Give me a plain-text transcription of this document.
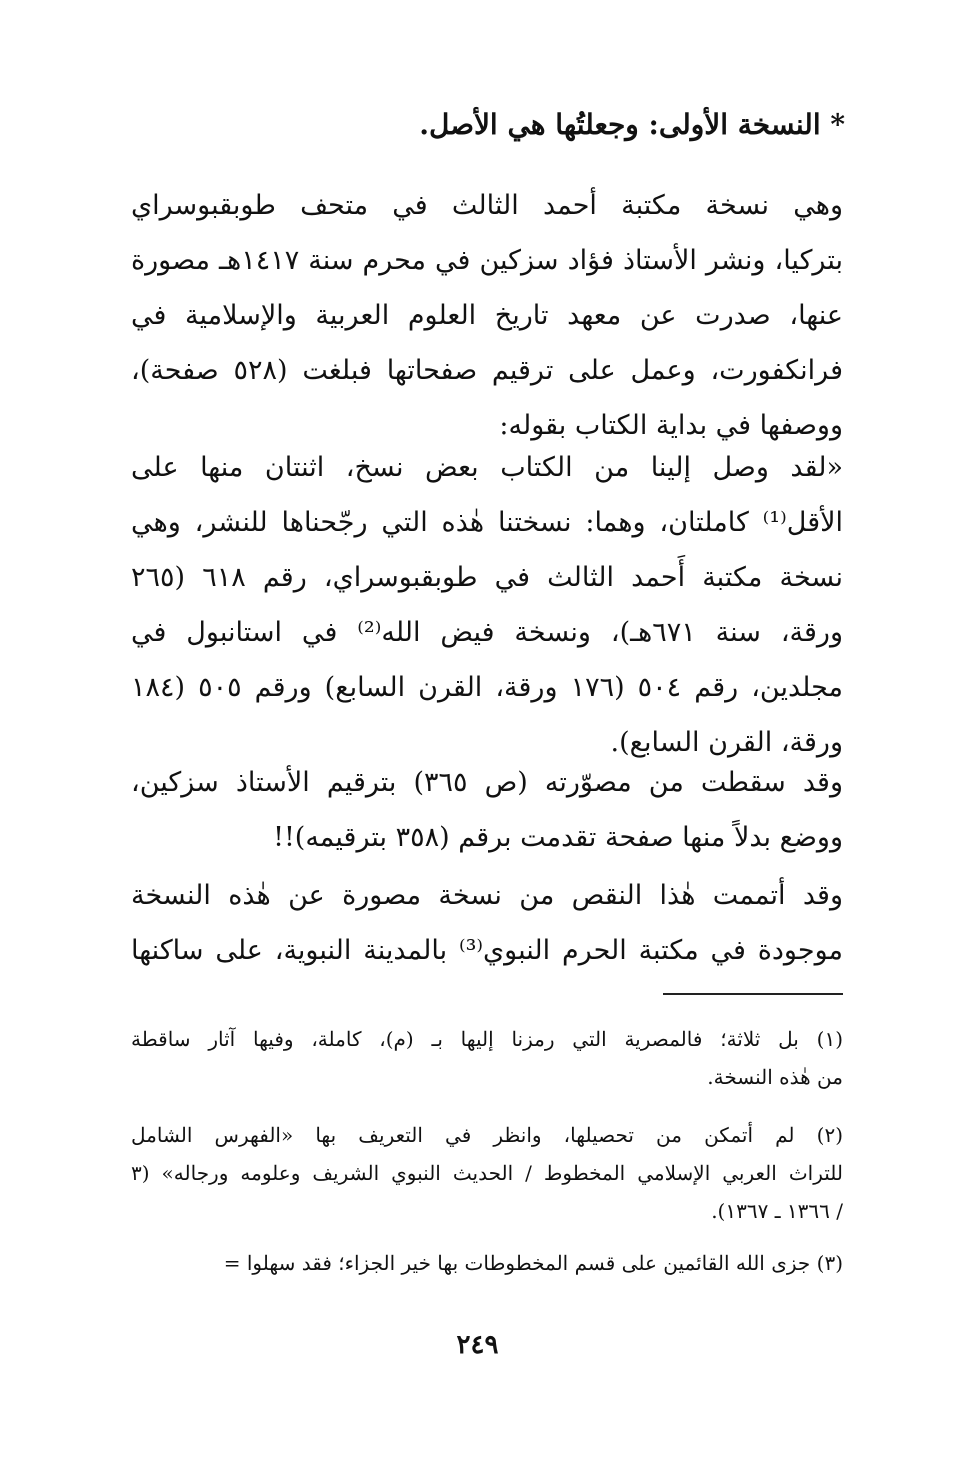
* النسخة الأولى: وجعلتُها هي الأصل.
وهي نسخة مكتبة أحمد الثالث في متحف طوبقبوسراي
بتركيا، ونشر الأستاذ فؤاد سزكين في محرم سنة ١٤١٧هـ مصورة
عنها، صدرت عن معهد تاريخ العلوم العربية والإسلامية في
فرانكفورت، وعمل على ترقيم صفحاتها فبلغت (٥٢٨ صفحة)،
ووصفها في بداية الكتاب بقوله:
«لقد وصل إلينا من الكتاب بعض نسخ، اثنتان منها على
الأقل⁽¹⁾ كاملتان، وهما: نسختنا هٰذه التي رجّحناها للنشر، وهي
نسخة مكتبة أَحمد الثالث في طوبقبوسراي، رقم ٦١٨ (٢٦٥
ورقة، سنة ٦٧١هـ)، ونسخة فيض الله⁽²⁾ في استانبول في
مجلدين، رقم ٥٠٤ (١٧٦ ورقة، القرن السابع) ورقم ٥٠٥ (١٨٤
ورقة، القرن السابع).
وقد سقطت من مصوّرته (ص ٣٦٥) بترقيم الأستاذ سزكين،
ووضع بدلاً منها صفحة تقدمت برقم (٣٥٨ بترقيمه)!!
وقد أتممت هٰذا النقص من نسخة مصورة عن هٰذه النسخة
موجودة في مكتبة الحرم النبوي⁽³⁾ بالمدينة النبوية، على ساكنها
(١) بل ثلاثة؛ فالمصرية التي رمزنا إليها بـ (م)، كاملة، وفيها آثار ساقطة
من هٰذه النسخة.
(٢) لم أتمكن من تحصيلها، وانظر في التعريف بها «الفهرس الشامل
للتراث العربي الإسلامي المخطوط / الحديث النبوي الشريف وعلومه ورجاله» (٣
/ ١٣٦٦ ـ ١٣٦٧).
(٣) جزى الله القائمين على قسم المخطوطات بها خير الجزاء؛ فقد سهلوا =
٢٤٩
